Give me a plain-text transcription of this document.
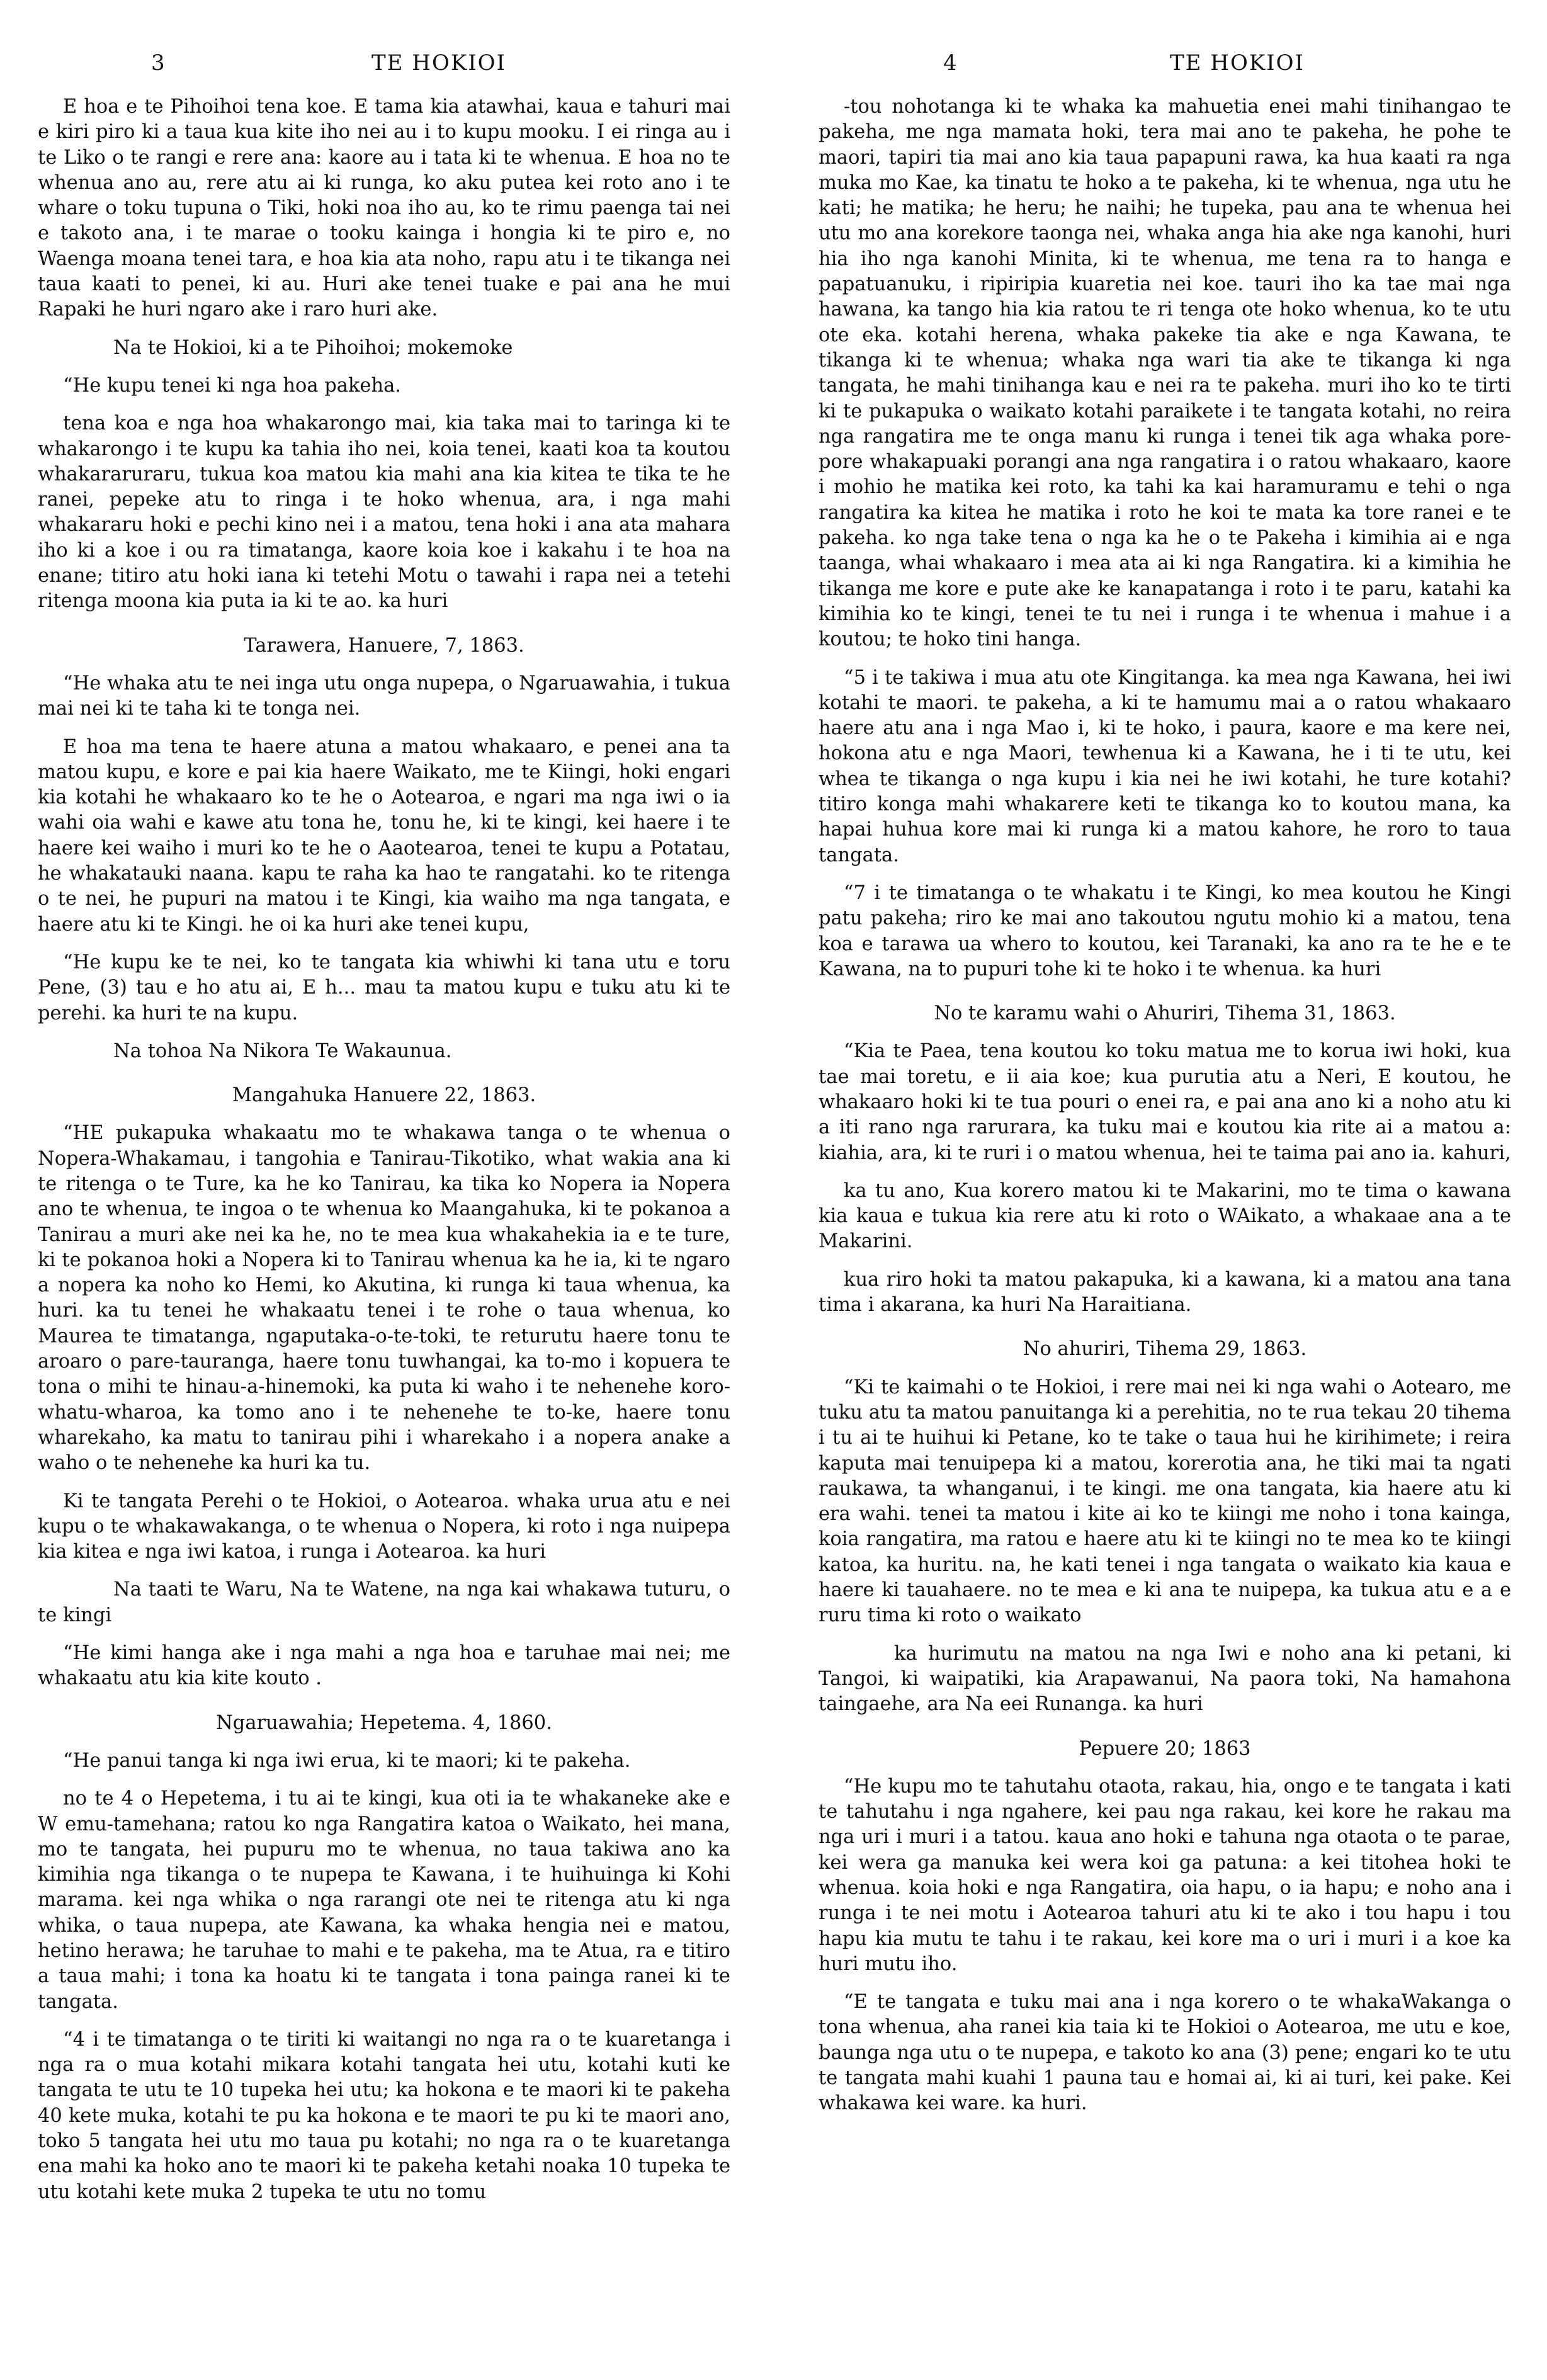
3	TE HOKIOI	4	TE HOKIOI

E hoa e te Pihoihoi tena koe. E tama kia atawhai, kaua e tahuri mai e kiri piro ki a taua kua kite iho nei au i to kupu mooku. I ei ringa au i te Liko o te rangi e rere ana: kaore au i tata ki te whenua. E hoa no te whenua ano au, rere atu ai ki runga, ko aku putea kei roto ano i te whare o toku tupuna o Tiki, hoki noa iho au, ko te rimu paenga tai nei e takoto ana, i te marae o tooku kainga i hongia ki te piro e, no Waenga moana tenei tara, e hoa kia ata noho, rapu atu i te tikanga nei taua kaati to penei, ki au. Huri ake tenei tuake e pai ana he mui Rapaki he huri ngaro ake i raro huri ake.

Na te Hokioi, ki a te Pihoihoi; mokemoke

“He kupu tenei ki nga hoa pakeha.

tena koa e nga hoa whakarongo mai, kia taka mai to taringa ki te whakarongo i te kupu ka tahia iho nei, koia tenei, kaati koa ta koutou whakararuraru, tukua koa matou kia mahi ana kia kitea te tika te he ranei, pepeke atu to ringa i te hoko whenua, ara, i nga mahi whakararu hoki e pechi kino nei i a matou, tena hoki i ana ata mahara iho ki a koe i ou ra timatanga, kaore koia koe i kakahu i te hoa na enane; titiro atu hoki iana ki tetehi Motu o tawahi i rapa nei a tetehi ritenga moona kia puta ia ki te ao. ka huri

Tarawera, Hanuere, 7, 1863.

“He whaka atu te nei inga utu onga nupepa, o Ngaruawahia, i tukua mai nei ki te taha ki te tonga nei.

E hoa ma tena te haere atuna a matou whakaaro, e penei ana ta matou kupu, e kore e pai kia haere Waikato, me te Kiingi, hoki engari kia kotahi he whakaaro ko te he o Aotearoa, e ngari ma nga iwi o ia wahi oia wahi e kawe atu tona he, tonu he, ki te kingi, kei haere i te haere kei waiho i muri ko te he o Aaotearoa, tenei te kupu a Potatau, he whakatauki naana. kapu te raha ka hao te rangatahi. ko te ritenga o te nei, he pupuri na matou i te Kingi, kia waiho ma nga tangata, e haere atu ki te Kingi. he oi ka huri ake tenei kupu,

“He kupu ke te nei, ko te tangata kia whiwhi ki tana utu e toru Pene, (3) tau e ho atu ai, E h... mau ta matou kupu e tuku atu ki te perehi. ka huri te na kupu.

Na tohoa Na Nikora Te Wakaunua.

Mangahuka Hanuere 22, 1863.

“HE pukapuka whakaatu mo te whakawa tanga o te whenua o Nopera-Whakamau, i tangohia e Tanirau-Tikotiko, what wakia ana ki te ritenga o te Ture, ka he ko Tanirau, ka tika ko Nopera ia Nopera ano te whenua, te ingoa o te whenua ko Maangahuka, ki te pokanoa a Tanirau a muri ake nei ka he, no te mea kua whakahekia ia e te ture, ki te pokanoa hoki a Nopera ki to Tanirau whenua ka he ia, ki te ngaro a nopera ka noho ko Hemi, ko Akutina, ki runga ki taua whenua, ka huri. ka tu tenei he whakaatu tenei i te rohe o taua whenua, ko Maurea te timatanga, ngaputaka-o-te-toki, te returutu haere tonu te aroaro o pare-tauranga, haere tonu tuwhangai, ka to-mo i kopuera te tona o mihi te hinau-a-hinemoki, ka puta ki waho i te nehenehe koro-whatu-wharoa, ka tomo ano i te nehenehe te to-ke, haere tonu wharekaho, ka matu to tanirau pihi i wharekaho i a nopera anake a waho o te nehenehe ka huri ka tu.

Ki te tangata Perehi o te Hokioi, o Aotearoa. whaka urua atu e nei kupu o te whakawakanga, o te whenua o Nopera, ki roto i nga nuipepa kia kitea e nga iwi katoa, i runga i Aotearoa. ka huri

Na taati te Waru, Na te Watene, na nga kai whakawa tuturu, o te kingi

“He kimi hanga ake i nga mahi a nga hoa e taruhae mai nei; me whakaatu atu kia kite kouto .

Ngaruawahia; Hepetema. 4, 1860.

“He panui tanga ki nga iwi erua, ki te maori; ki te pakeha.

no te 4 o Hepetema, i tu ai te kingi, kua oti ia te whakaneke ake e W emu-tamehana; ratou ko nga Rangatira katoa o Waikato, hei mana, mo te tangata, hei pupuru mo te whenua, no taua takiwa ano ka kimihia nga tikanga o te nupepa te Kawana, i te huihuinga ki Kohi marama. kei nga whika o nga rarangi ote nei te ritenga atu ki nga whika, o taua nupepa, ate Kawana, ka whaka hengia nei e matou, hetino herawa; he taruhae to mahi e te pakeha, ma te Atua, ra e titiro a taua mahi; i tona ka hoatu ki te tangata i tona painga ranei ki te tangata.

“4 i te timatanga o te tiriti ki waitangi no nga ra o te kuaretanga i nga ra o mua kotahi mikara kotahi tangata hei utu, kotahi kuti ke tangata te utu te 10 tupeka hei utu; ka hokona e te maori ki te pakeha 40 kete muka, kotahi te pu ka hokona e te maori te pu ki te maori ano, toko 5 tangata hei utu mo taua pu kotahi; no nga ra o te kuaretanga ena mahi ka hoko ano te maori ki te pakeha ketahi noaka 10 tupeka te utu kotahi kete muka 2 tupeka te utu no tomu

-tou nohotanga ki te whaka ka mahuetia enei mahi tinihangao te pakeha, me nga mamata hoki, tera mai ano te pakeha, he pohe te maori, tapiri tia mai ano kia taua papapuni rawa, ka hua kaati ra nga muka mo Kae, ka tinatu te hoko a te pakeha, ki te whenua, nga utu he kati; he matika; he heru; he naihi; he tupeka, pau ana te whenua hei utu mo ana korekore taonga nei, whaka anga hia ake nga kanohi, huri hia iho nga kanohi Minita, ki te whenua, me tena ra to hanga e papatuanuku, i ripiripia kuaretia nei koe. tauri iho ka tae mai nga hawana, ka tango hia kia ratou te ri tenga ote hoko whenua, ko te utu ote eka. kotahi herena, whaka pakeke tia ake e nga Kawana, te tikanga ki te whenua; whaka nga wari tia ake te tikanga ki nga tangata, he mahi tinihanga kau e nei ra te pakeha. muri iho ko te tirti ki te pukapuka o waikato kotahi paraikete i te tangata kotahi, no reira nga rangatira me te onga manu ki runga i tenei tik aga whaka pore-pore whakapuaki porangi ana nga rangatira i o ratou whakaaro, kaore i mohio he matika kei roto, ka tahi ka kai haramuramu e tehi o nga rangatira ka kitea he matika i roto he koi te mata ka tore ranei e te pakeha. ko nga take tena o nga ka he o te Pakeha i kimihia ai e nga taanga, whai whakaaro i mea ata ai ki nga Rangatira. ki a kimihia he tikanga me kore e pute ake ke kanapatanga i roto i te paru, katahi ka kimihia ko te kingi, tenei te tu nei i runga i te whenua i mahue i a koutou; te hoko tini hanga.

“5 i te takiwa i mua atu ote Kingitanga. ka mea nga Kawana, hei iwi kotahi te maori. te pakeha, a ki te hamumu mai a o ratou whakaaro haere atu ana i nga Mao i, ki te hoko, i paura, kaore e ma kere nei, hokona atu e nga Maori, tewhenua ki a Kawana, he i ti te utu, kei whea te tikanga o nga kupu i kia nei he iwi kotahi, he ture kotahi? titiro konga mahi whakarere keti te tikanga ko to koutou mana, ka hapai huhua kore mai ki runga ki a matou kahore, he roro to taua tangata.

“7 i te timatanga o te whakatu i te Kingi, ko mea koutou he Kingi patu pakeha; riro ke mai ano takoutou ngutu mohio ki a matou, tena koa e tarawa ua whero to koutou, kei Taranaki, ka ano ra te he e te Kawana, na to pupuri tohe ki te hoko i te whenua. ka huri

No te karamu wahi o Ahuriri, Tihema 31, 1863.

“Kia te Paea, tena koutou ko toku matua me to korua iwi hoki, kua tae mai toretu, e ii aia koe; kua purutia atu a Neri, E koutou, he whakaaro hoki ki te tua pouri o enei ra, e pai ana ano ki a noho atu ki a iti rano nga rarurara, ka tuku mai e koutou kia rite ai a matou a: kiahia, ara, ki te ruri i o matou whenua, hei te taima pai ano ia. kahuri,

ka tu ano, Kua korero matou ki te Makarini, mo te tima o kawana kia kaua e tukua kia rere atu ki roto o WAikato, a whakaae ana a te Makarini.

kua riro hoki ta matou pakapuka, ki a kawana, ki a matou ana tana tima i akarana, ka huri Na Haraitiana.

No ahuriri, Tihema 29, 1863.

“Ki te kaimahi o te Hokioi, i rere mai nei ki nga wahi o Aotearo, me tuku atu ta matou panuitanga ki a perehitia, no te rua tekau 20 tihema i tu ai te huihui ki Petane, ko te take o taua hui he kirihimete; i reira kaputa mai tenuipepa ki a matou, korerotia ana, he tiki mai ta ngati raukawa, ta whanganui, i te kingi. me ona tangata, kia haere atu ki era wahi. tenei ta matou i kite ai ko te kiingi me noho i tona kainga, koia rangatira, ma ratou e haere atu ki te kiingi no te mea ko te kiingi katoa, ka huritu. na, he kati tenei i nga tangata o waikato kia kaua e haere ki tauahaere. no te mea e ki ana te nuipepa, ka tukua atu e a e ruru tima ki roto o waikato

ka hurimutu na matou na nga Iwi e noho ana ki petani, ki Tangoi, ki waipatiki, kia Arapawanui, Na paora toki, Na hamahona taingaehe, ara Na eei Runanga. ka huri

Pepuere 20; 1863

“He kupu mo te tahutahu otaota, rakau, hia, ongo e te tangata i kati te tahutahu i nga ngahere, kei pau nga rakau, kei kore he rakau ma nga uri i muri i a tatou. kaua ano hoki e tahuna nga otaota o te parae, kei wera ga manuka kei wera koi ga patuna: a kei titohea hoki te whenua. koia hoki e nga Rangatira, oia hapu, o ia hapu; e noho ana i runga i te nei motu i Aotearoa tahuri atu ki te ako i tou hapu i tou hapu kia mutu te tahu i te rakau, kei kore ma o uri i muri i a koe ka huri mutu iho.

“E te tangata e tuku mai ana i nga korero o te whakaWakanga o tona whenua, aha ranei kia taia ki te Hokioi o Aotearoa, me utu e koe, baunga nga utu o te nupepa, e takoto ko ana (3) pene; engari ko te utu te tangata mahi kuahi 1 pauna tau e homai ai, ki ai turi, kei pake. Kei whakawa kei ware. ka huri.
